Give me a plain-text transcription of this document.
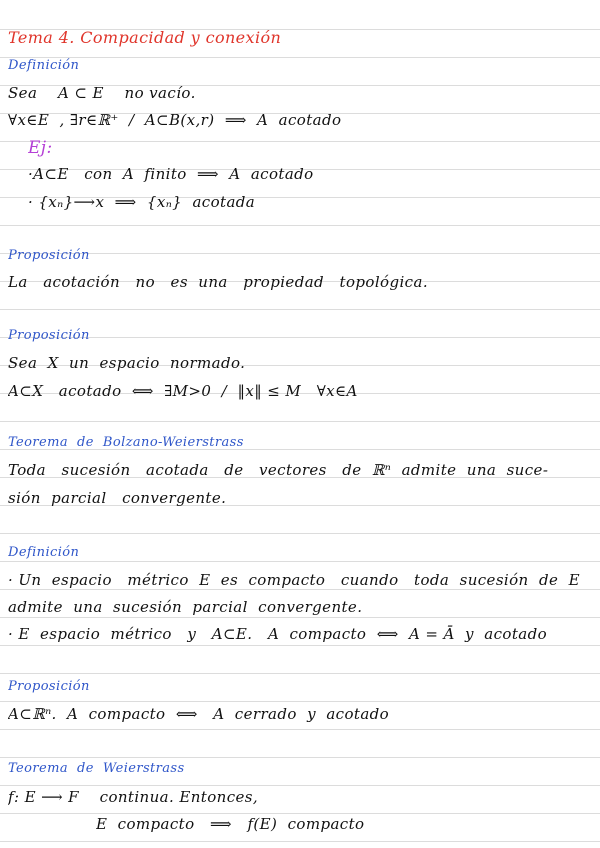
Tema 4. Compacidad y conexión
Definición
Sea    A ⊂ E    no vacío.
∀x∈E  , ∃r∈ℝ⁺  /  A⊂B(x,r)  ⟹  A  acotado
Ej:
·A⊂E   con  A  finito  ⟹  A  acotado
· {xₙ}⟶x  ⟹  {xₙ}  acotada
Proposición
La   acotación   no   es  una   propiedad   topológica.
Proposición
Sea  X  un  espacio  normado.
A⊂X   acotado  ⟺  ∃M>0  /  ‖x‖ ≤ M   ∀x∈A
Teorema  de  Bolzano-Weierstrass
Toda   sucesión   acotada   de   vectores   de  ℝⁿ  admite  una  suce-
sión  parcial   convergente.
Definición
· Un  espacio   métrico  E  es  compacto   cuando   toda  sucesión  de  E
admite  una  sucesión  parcial  convergente.
· E  espacio  métrico   y   A⊂E.   A  compacto  ⟺  A = Ā  y  acotado
Proposición
A⊂ℝⁿ.  A  compacto  ⟺   A  cerrado  y  acotado
Teorema  de  Weierstrass
f: E ⟶ F    continua. Entonces,
E  compacto   ⟹   f(E)  compacto
